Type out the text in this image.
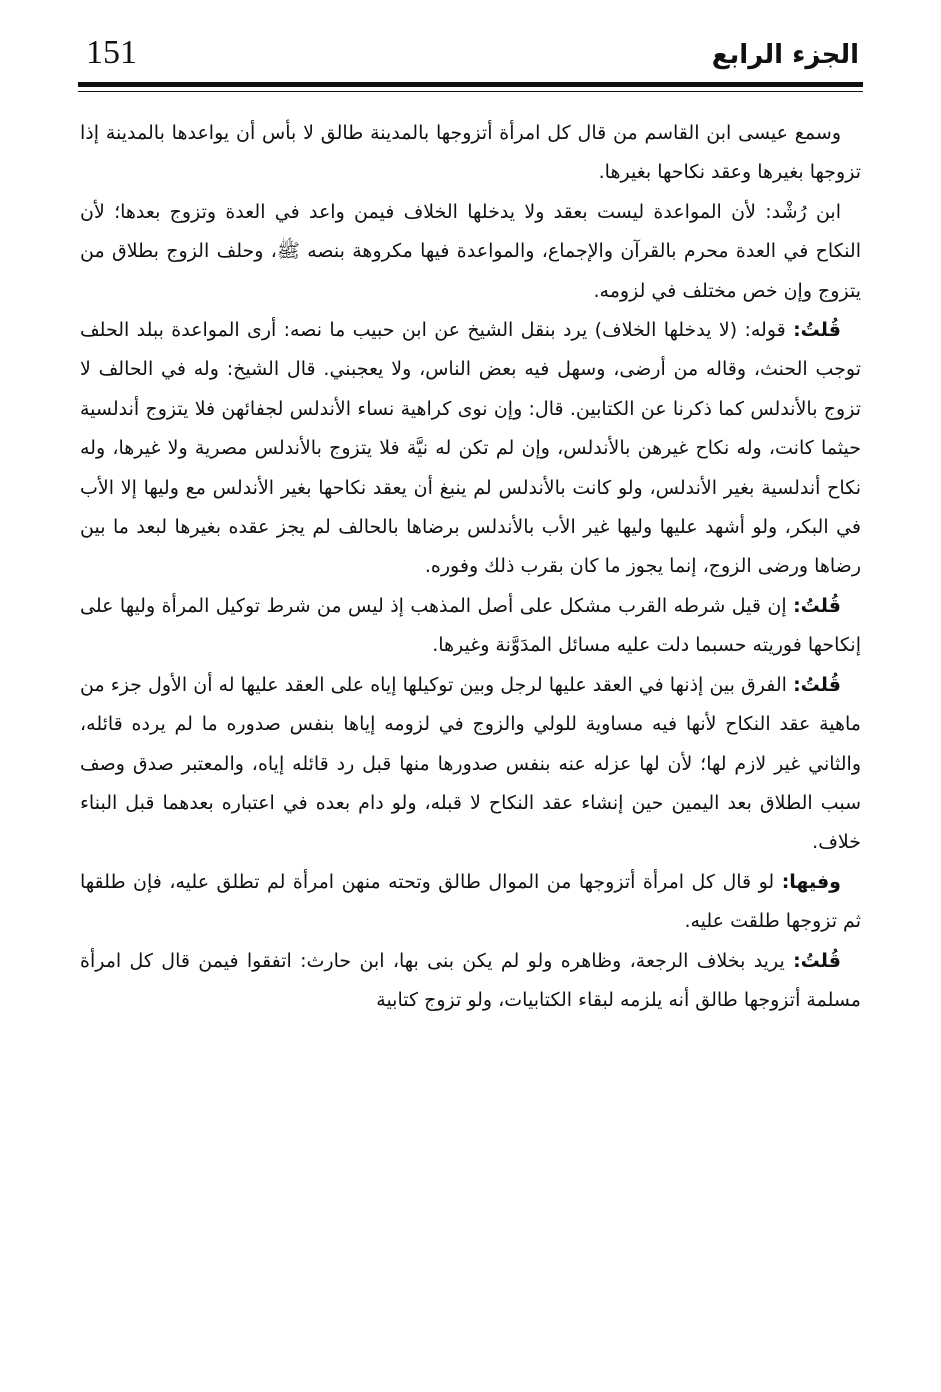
151	الجزء الرابع

وسمع عيسى ابن القاسم من قال كل امرأة أتزوجها بالمدينة طالق لا بأس أن يواعدها بالمدينة إذا تزوجها بغيرها وعقد نكاحها بغيرها.

ابن رُشْد: لأن المواعدة ليست بعقد ولا يدخلها الخلاف فيمن واعد في العدة وتزوج بعدها؛ لأن النكاح في العدة محرم بالقرآن والإجماع، والمواعدة فيها مكروهة بنصه ﷺ، وحلف الزوج بطلاق من يتزوج وإن خص مختلف في لزومه.

قُلتُ: قوله: (لا يدخلها الخلاف) يرد بنقل الشيخ عن ابن حبيب ما نصه: أرى المواعدة ببلد الحلف توجب الحنث، وقاله من أرضى، وسهل فيه بعض الناس، ولا يعجبني. قال الشيخ: وله في الحالف لا تزوج بالأندلس كما ذكرنا عن الكتابين. قال: وإن نوى كراهية نساء الأندلس لجفائهن فلا يتزوج أندلسية حيثما كانت، وله نكاح غيرهن بالأندلس، وإن لم تكن له نيَّة فلا يتزوج بالأندلس مصرية ولا غيرها، وله نكاح أندلسية بغير الأندلس، ولو كانت بالأندلس لم ينبغ أن يعقد نكاحها بغير الأندلس مع وليها إلا الأب في البكر، ولو أشهد عليها وليها غير الأب بالأندلس برضاها بالحالف لم يجز عقده بغيرها لبعد ما بين رضاها ورضى الزوج، إنما يجوز ما كان بقرب ذلك وفوره.

قُلتُ: إن قيل شرطه القرب مشكل على أصل المذهب إذ ليس من شرط توكيل المرأة وليها على إنكاحها فوريته حسبما دلت عليه مسائل المدَوَّنة وغيرها.

قُلتُ: الفرق بين إذنها في العقد عليها لرجل وبين توكيلها إياه على العقد عليها له أن الأول جزء من ماهية عقد النكاح لأنها فيه مساوية للولي والزوج في لزومه إياها بنفس صدوره ما لم يرده قائله، والثاني غير لازم لها؛ لأن لها عزله عنه بنفس صدورها منها قبل رد قائله إياه، والمعتبر صدق وصف سبب الطلاق بعد اليمين حين إنشاء عقد النكاح لا قبله، ولو دام بعده في اعتباره بعدهما قبل البناء خلاف.

وفيها: لو قال كل امرأة أتزوجها من الموال طالق وتحته منهن امرأة لم تطلق عليه، فإن طلقها ثم تزوجها طلقت عليه.

قُلتُ: يريد بخلاف الرجعة، وظاهره ولو لم يكن بنى بها، ابن حارث: اتفقوا فيمن قال كل امرأة مسلمة أتزوجها طالق أنه يلزمه لبقاء الكتابيات، ولو تزوج كتابية
